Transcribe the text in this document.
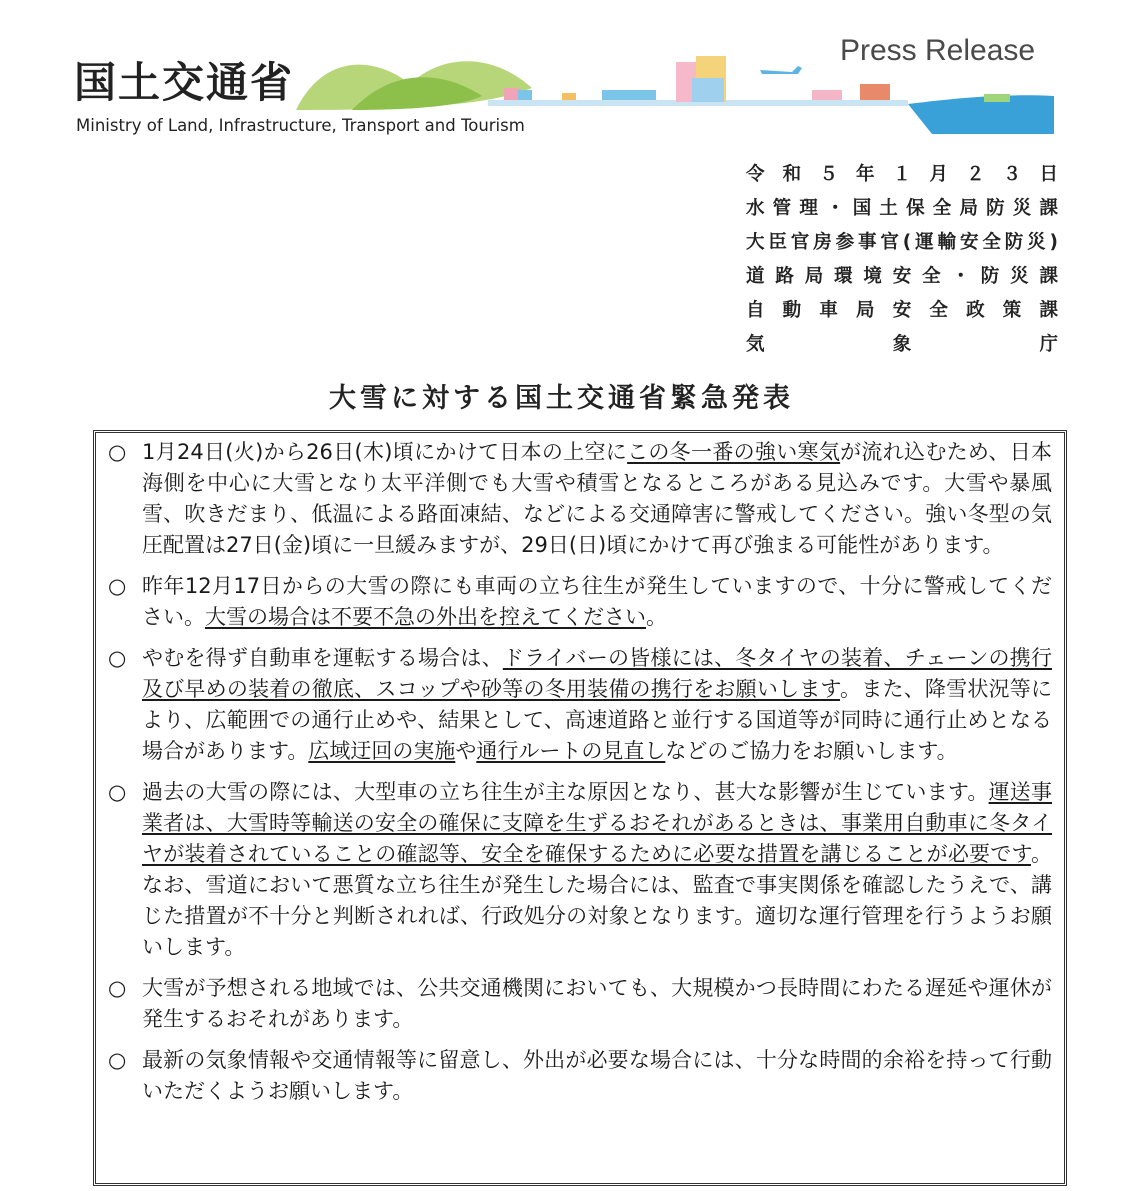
国土交通省
Ministry of Land, Infrastructure, Transport and Tourism
Press Release
令和５年１月２３日
水管理・国土保全局防災課
大臣官房参事官(運輸安全防災)
道路局環境安全・防災課
自動車局安全政策課
気　　　象　　　庁
大雪に対する国土交通省緊急発表
○ 1月24日(火)から26日(木)頃にかけて日本の上空にこの冬一番の強い寒気が流れ込むため、日本海側を中心に大雪となり太平洋側でも大雪や積雪となるところがある見込みです。大雪や暴風雪、吹きだまり、低温による路面凍結、などによる交通障害に警戒してください。強い冬型の気圧配置は27日(金)頃に一旦緩みますが、29日(日)頃にかけて再び強まる可能性があります。

○ 昨年12月17日からの大雪の際にも車両の立ち往生が発生していますので、十分に警戒してください。大雪の場合は不要不急の外出を控えてください。

○ やむを得ず自動車を運転する場合は、ドライバーの皆様には、冬タイヤの装着、チェーンの携行及び早めの装着の徹底、スコップや砂等の冬用装備の携行をお願いします。また、降雪状況等により、広範囲での通行止めや、結果として、高速道路と並行する国道等が同時に通行止めとなる場合があります。広域迂回の実施や通行ルートの見直しなどのご協力をお願いします。

○ 過去の大雪の際には、大型車の立ち往生が主な原因となり、甚大な影響が生じています。運送事業者は、大雪時等輸送の安全の確保に支障を生ずるおそれがあるときは、事業用自動車に冬タイヤが装着されていることの確認等、安全を確保するために必要な措置を講じることが必要です。なお、雪道において悪質な立ち往生が発生した場合には、監査で事実関係を確認したうえで、講じた措置が不十分と判断されれば、行政処分の対象となります。適切な運行管理を行うようお願いします。

○ 大雪が予想される地域では、公共交通機関においても、大規模かつ長時間にわたる遅延や運休が発生するおそれがあります。

○ 最新の気象情報や交通情報等に留意し、外出が必要な場合には、十分な時間的余裕を持って行動いただくようお願いします。
